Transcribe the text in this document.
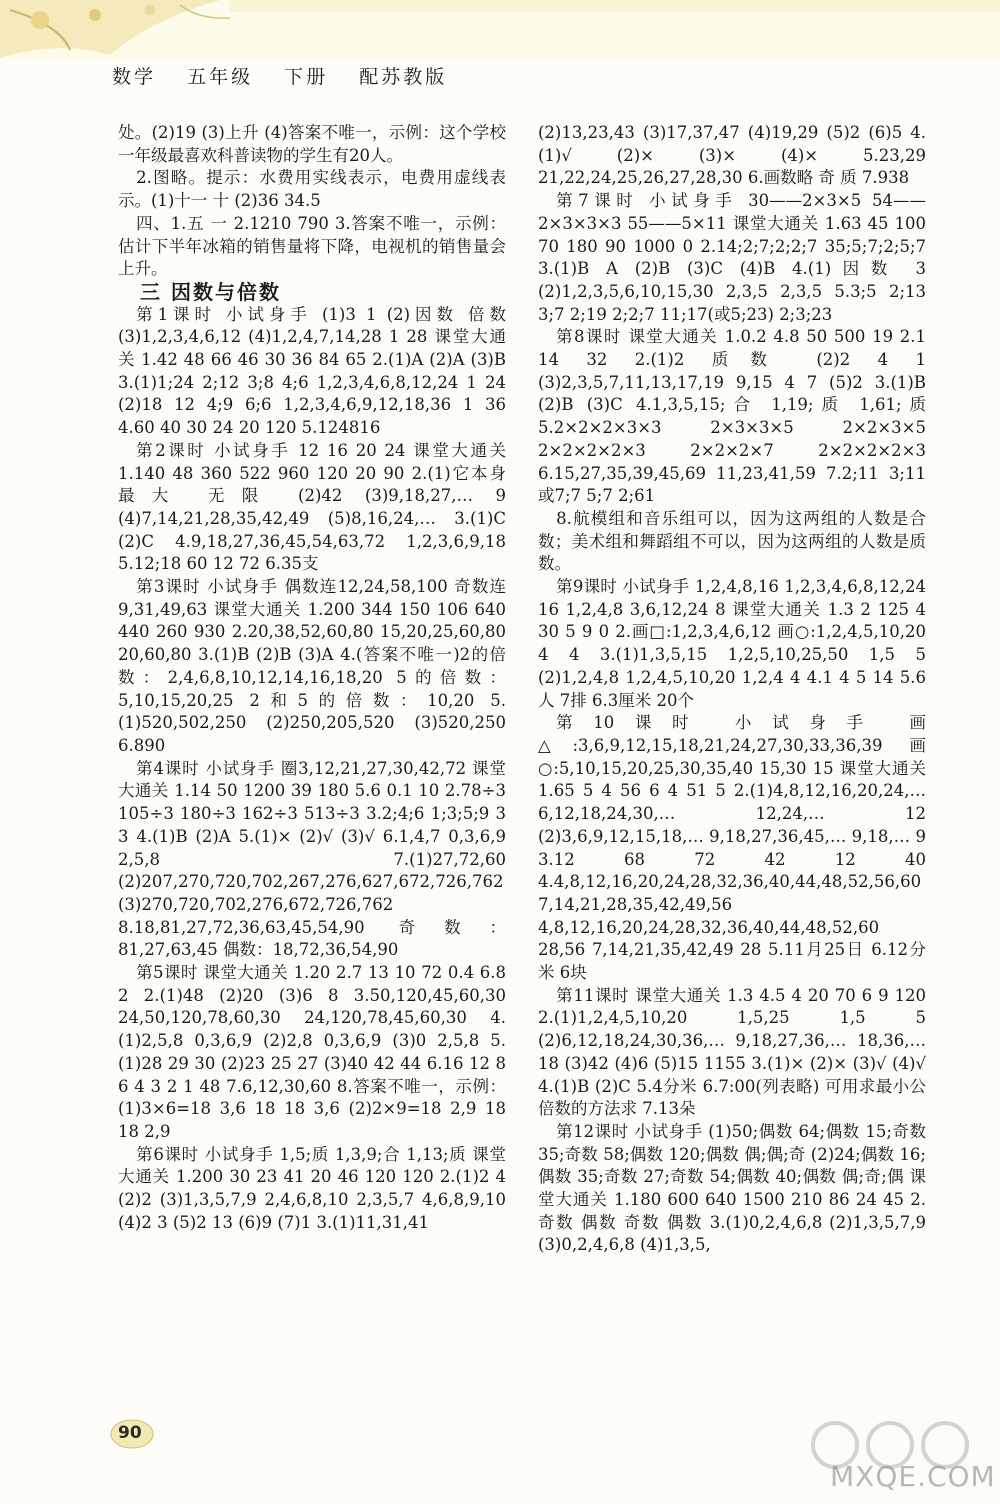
数学 五年级 下册 配苏教版

处。(2)19 (3)上升 (4)答案不唯一，示例：这个学校一年级最喜欢科普读物的学生有20人。

2.图略。提示：水费用实线表示，电费用虚线表示。(1)十一 十 (2)36 34.5

四、1.五 一 2.1210 790 3.答案不唯一，示例：估计下半年冰箱的销售量将下降，电视机的销售量会上升。

三 因数与倍数

第1课时 小试身手 (1)3 1 (2)因数 倍数 (3)1,2,3,4,6,12 (4)1,2,4,7,14,28 1 28 课堂大通关 1.42 48 66 46 30 36 84 65 2.(1)A (2)A (3)B 3.(1)1;24 2;12 3;8 4;6 1,2,3,4,6,8,12,24 1 24 (2)18 12 4;9 6;6 1,2,3,4,6,9,12,18,36 1 36 4.60 40 30 24 20 120 5.124816

第2课时 小试身手 12 16 20 24 课堂大通关 1.140 48 360 522 960 120 20 90 2.(1)它本身 最大 无限 (2)42 (3)9,18,27,… 9 (4)7,14,21,28,35,42,49 (5)8,16,24,… 3.(1)C (2)C 4.9,18,27,36,45,54,63,72 1,2,3,6,9,18 5.12;18 60 12 72 6.35支

第3课时 小试身手 偶数连12,24,58,100 奇数连9,31,49,63 课堂大通关 1.200 344 150 106 640 440 260 930 2.20,38,52,60,80 15,20,25,60,80 20,60,80 3.(1)B (2)B (3)A 4.(答案不唯一)2的倍数：2,4,6,8,10,12,14,16,18,20 5的倍数：5,10,15,20,25 2和5的倍数：10,20 5.(1)520,502,250 (2)250,205,520 (3)520,250 6.890

第4课时 小试身手 圈3,12,21,27,30,42,72 课堂大通关 1.14 50 1200 39 180 5.6 0.1 10 2.78÷3 105÷3 180÷3 162÷3 513÷3 3.2;4;6 1;3;5;9 3 3 4.(1)B (2)A 5.(1)× (2)√ (3)√ 6.1,4,7 0,3,6,9 2,5,8 7.(1)27,72,60 (2)207,270,720,702,267,276,627,672,726,762 (3)270,720,702,276,672,726,762 8.18,81,27,72,36,63,45,54,90 奇数：81,27,63,45 偶数：18,72,36,54,90

第5课时 课堂大通关 1.20 2.7 13 10 72 0.4 6.8 2 2.(1)48 (2)20 (3)6 8 3.50,120,45,60,30 24,50,120,78,60,30 24,120,78,45,60,30 4.(1)2,5,8 0,3,6,9 (2)2,8 0,3,6,9 (3)0 2,5,8 5.(1)28 29 30 (2)23 25 27 (3)40 42 44 6.16 12 8 6 4 3 2 1 48 7.6,12,30,60 8.答案不唯一，示例：(1)3×6=18 3,6 18 18 3,6 (2)2×9=18 2,9 18 18 2,9

第6课时 小试身手 1,5;质 1,3,9;合 1,13;质 课堂大通关 1.200 30 23 41 20 46 120 120 2.(1)2 4 (2)2 (3)1,3,5,7,9 2,4,6,8,10 2,3,5,7 4,6,8,9,10 (4)2 3 (5)2 13 (6)9 (7)1 3.(1)11,31,41

(2)13,23,43 (3)17,37,47 (4)19,29 (5)2 (6)5 4.(1)√ (2)× (3)× (4)× 5.23,29 21,22,24,25,26,27,28,30 6.画数略 奇 质 7.938

第7课时 小试身手 30——2×3×5 54——2×3×3×3 55——5×11 课堂大通关 1.63 45 100 70 180 90 1000 0 2.14;2;7;2;2;7 35;5;7;2;5;7 3.(1)B A (2)B (3)C (4)B 4.(1)因数 3 (2)1,2,3,5,6,10,15,30 2,3,5 2,3,5 5.3;5 2;13 3;7 2;19 2;2;7 11;17(或5;23) 2;3;23

第8课时 课堂大通关 1.0.2 4.8 50 500 19 2.1 14 32 2.(1)2 质数 (2)2 4 1 (3)2,3,5,7,11,13,17,19 9,15 4 7 (5)2 3.(1)B (2)B (3)C 4.1,3,5,15;合 1,19;质 1,61;质 5.2×2×2×3×3 2×3×3×5 2×2×3×5 2×2×2×2×3 2×2×2×7 2×2×2×2×3 6.15,27,35,39,45,69 11,23,41,59 7.2;11 3;11或7;7 5;7 2;61

8.航模组和音乐组可以，因为这两组的人数是合数；美术组和舞蹈组不可以，因为这两组的人数是质数。

第9课时 小试身手 1,2,4,8,16 1,2,3,4,6,8,12,24 16 1,2,4,8 3,6,12,24 8 课堂大通关 1.3 2 125 4 30 5 9 0 2.画□:1,2,3,4,6,12 画○:1,2,4,5,10,20 4 4 3.(1)1,3,5,15 1,2,5,10,25,50 1,5 5 (2)1,2,4,8 1,2,4,5,10,20 1,2,4 4 4.1 4 5 14 5.6人 7排 6.3厘米 20个

第10课时 小试身手 画△:3,6,9,12,15,18,21,24,27,30,33,36,39 画○:5,10,15,20,25,30,35,40 15,30 15 课堂大通关 1.65 5 4 56 6 4 51 5 2.(1)4,8,12,16,20,24,… 6,12,18,24,30,… 12,24,… 12 (2)3,6,9,12,15,18,… 9,18,27,36,45,… 9,18,… 9 3.12 68 72 42 12 40 4.4,8,12,16,20,24,28,32,36,40,44,48,52,56,60 7,14,21,28,35,42,49,56 4,8,12,16,20,24,28,32,36,40,44,48,52,60 28,56 7,14,21,35,42,49 28 5.11月25日 6.12分米 6块

第11课时 课堂大通关 1.3 4.5 4 20 70 6 9 120 2.(1)1,2,4,5,10,20 1,5,25 1,5 5 (2)6,12,18,24,30,36,… 9,18,27,36,… 18,36,… 18 (3)42 (4)6 (5)15 1155 3.(1)× (2)× (3)√ (4)√ 4.(1)B (2)C 5.4分米 6.7:00(列表略) 可用求最小公倍数的方法求 7.13朵

第12课时 小试身手 (1)50;偶数 64;偶数 15;奇数 35;奇数 58;偶数 120;偶数 偶;偶;奇 (2)24;偶数 16;偶数 35;奇数 27;奇数 54;偶数 40;偶数 偶;奇;偶 课堂大通关 1.180 600 640 1500 210 86 24 45 2.奇数 偶数 奇数 偶数 3.(1)0,2,4,6,8 (2)1,3,5,7,9 (3)0,2,4,6,8 (4)1,3,5,

90
MXQE.COM
